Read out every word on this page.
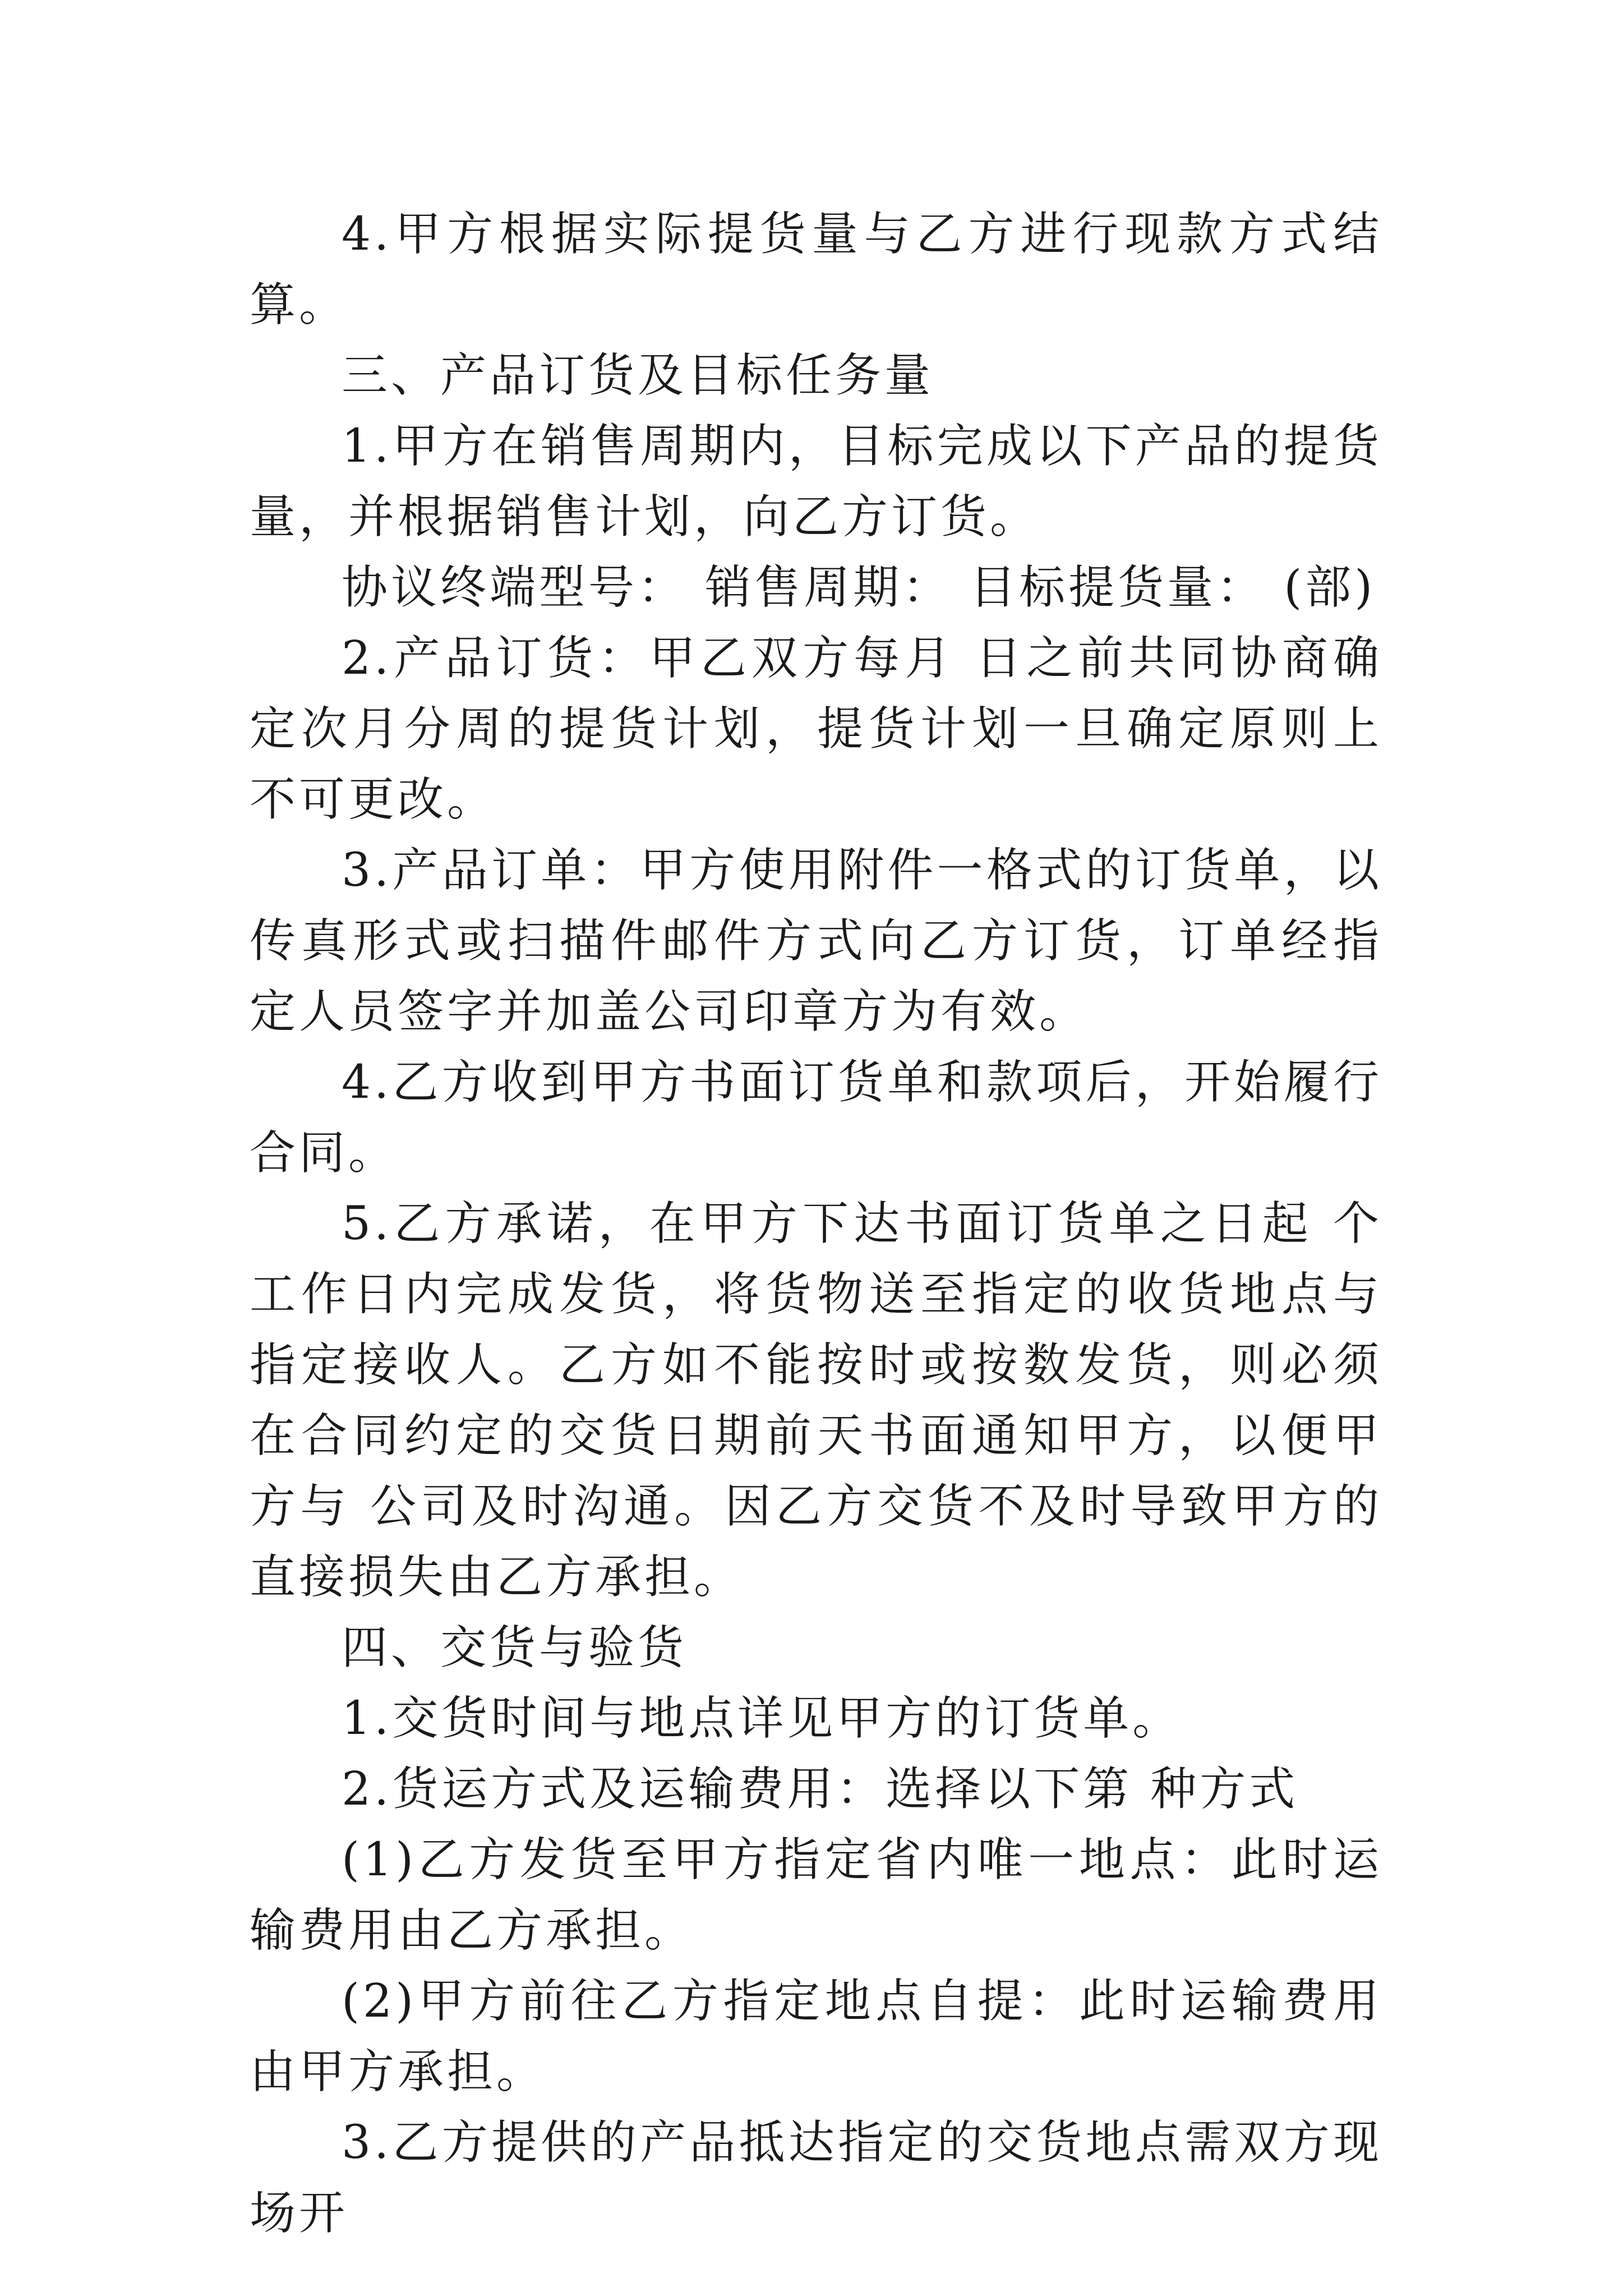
4.甲方根据实际提货量与乙方进行现款方式结算。

三、产品订货及目标任务量

1.甲方在销售周期内，目标完成以下产品的提货量，并根据销售计划，向乙方订货。

协议终端型号： 销售周期： 目标提货量： (部)

2.产品订货：甲乙双方每月 日之前共同协商确定次月分周的提货计划，提货计划一旦确定原则上不可更改。

3.产品订单：甲方使用附件一格式的订货单，以传真形式或扫描件邮件方式向乙方订货，订单经指定人员签字并加盖公司印章方为有效。

4.乙方收到甲方书面订货单和款项后，开始履行合同。

5.乙方承诺，在甲方下达书面订货单之日起 个工作日内完成发货，将货物送至指定的收货地点与指定接收人。乙方如不能按时或按数发货，则必须在合同约定的交货日期前天书面通知甲方，以便甲方与 公司及时沟通。因乙方交货不及时导致甲方的直接损失由乙方承担。

四、交货与验货

1.交货时间与地点详见甲方的订货单。

2.货运方式及运输费用：选择以下第 种方式

(1)乙方发货至甲方指定省内唯一地点：此时运输费用由乙方承担。

(2)甲方前往乙方指定地点自提：此时运输费用由甲方承担。

3.乙方提供的产品抵达指定的交货地点需双方现场开
